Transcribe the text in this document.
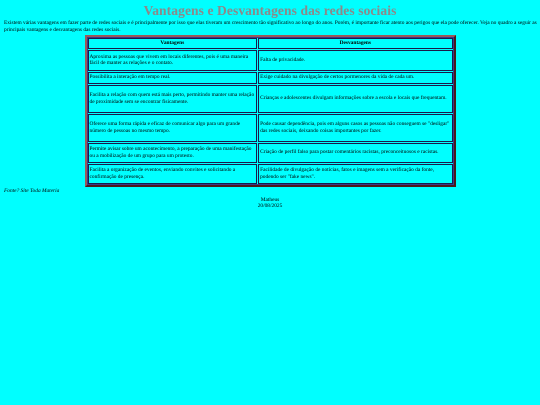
Vantagens e Desvantagens das redes sociais

Existem várias vantagens em fazer parte de redes sociais e é principalmente por isso que elas tiveram um crescimento tão significativo ao longo do anos. Porém, é importante ficar atento aos perigos que ela pode oferecer. Veja no quadro a seguir as principais vantagens e desvantagens das redes sociais.

Vantagens	Desvantagens
Aproxima as pessoas que vivem em locais diferentes, pois é uma maneira fácil de manter as relações e o contato.	Falta de privacidade.
Possibilita a interação em tempo real.	Exige cuidado na divulgação de certos pormenores da vida de cada um.
Facilita a relação com quem está mais perto, permitindo manter uma relação de proximidade sem se encontrar fisicamente.	Crianças e adolescentes divulgam informações sobre a escola e locais que frequentam.
Oferece uma forma rápida e eficaz de comunicar algo para um grande número de pessoas no mesmo tempo.	Pode causar dependência, pois em alguns casos as pessoas não conseguem se "desligar" das redes sociais, deixando coisas importantes por fazer.
Permite avisar sobre um acontecimento, a preparação de uma manifestação ou a mobilização de um grupo para um protesto.	Criação de perfil falso para postar comentários racistas, preconceituosos e racistas.
Facilita a organização de eventos, enviando convites e solicitando a confirmação de presença.	Facilidade de divulgação de notícias, fatos e imagens sem a verificação da fonte, podendo ser "fake news".

Fonte? Site Toda Materia

Matheus
20/08/2025
